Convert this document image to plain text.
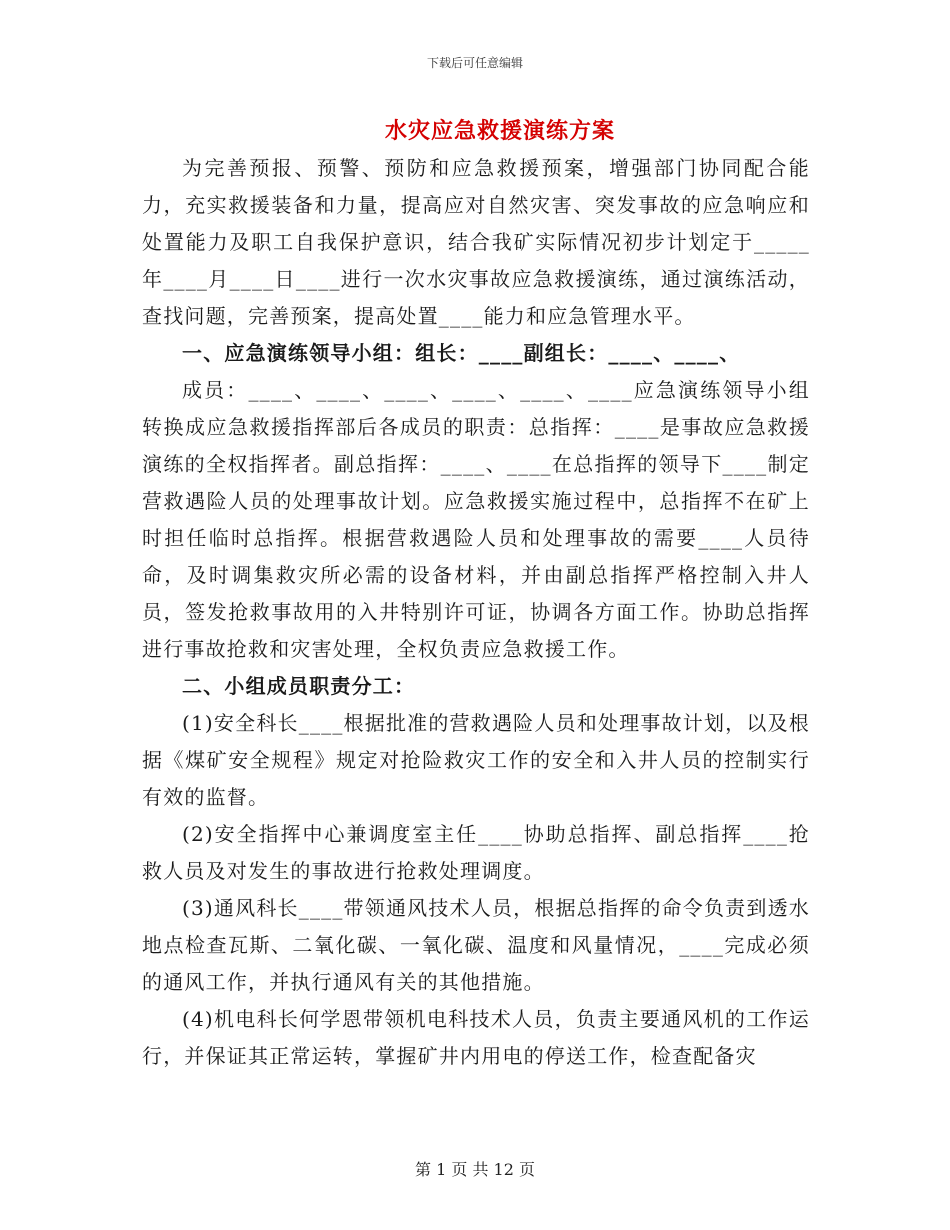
下载后可任意编辑
水灾应急救援演练方案

为完善预报、预警、预防和应急救援预案，增强部门协同配合能力，充实救援装备和力量，提高应对自然灾害、突发事故的应急响应和处置能力及职工自我保护意识，结合我矿实际情况初步计划定于_____年____月____日____进行一次水灾事故应急救援演练，通过演练活动，查找问题，完善预案，提高处置____能力和应急管理水平。

一、应急演练领导小组：组长：____副组长：____、____、

成员：____、____、____、____、____、____应急演练领导小组转换成应急救援指挥部后各成员的职责：总指挥：____是事故应急救援演练的全权指挥者。副总指挥：____、____在总指挥的领导下____制定营救遇险人员的处理事故计划。应急救援实施过程中，总指挥不在矿上时担任临时总指挥。根据营救遇险人员和处理事故的需要____人员待命，及时调集救灾所必需的设备材料，并由副总指挥严格控制入井人员，签发抢救事故用的入井特别许可证，协调各方面工作。协助总指挥进行事故抢救和灾害处理，全权负责应急救援工作。

二、小组成员职责分工：

(1)安全科长____根据批准的营救遇险人员和处理事故计划，以及根据《煤矿安全规程》规定对抢险救灾工作的安全和入井人员的控制实行有效的监督。

(2)安全指挥中心兼调度室主任____协助总指挥、副总指挥____抢救人员及对发生的事故进行抢救处理调度。

(3)通风科长____带领通风技术人员，根据总指挥的命令负责到透水地点检查瓦斯、二氧化碳、一氧化碳、温度和风量情况，____完成必须的通风工作，并执行通风有关的其他措施。

(4)机电科长何学恩带领机电科技术人员，负责主要通风机的工作运行，并保证其正常运转，掌握矿井内用电的停送工作，检查配备灾

第 1 页 共 12 页
